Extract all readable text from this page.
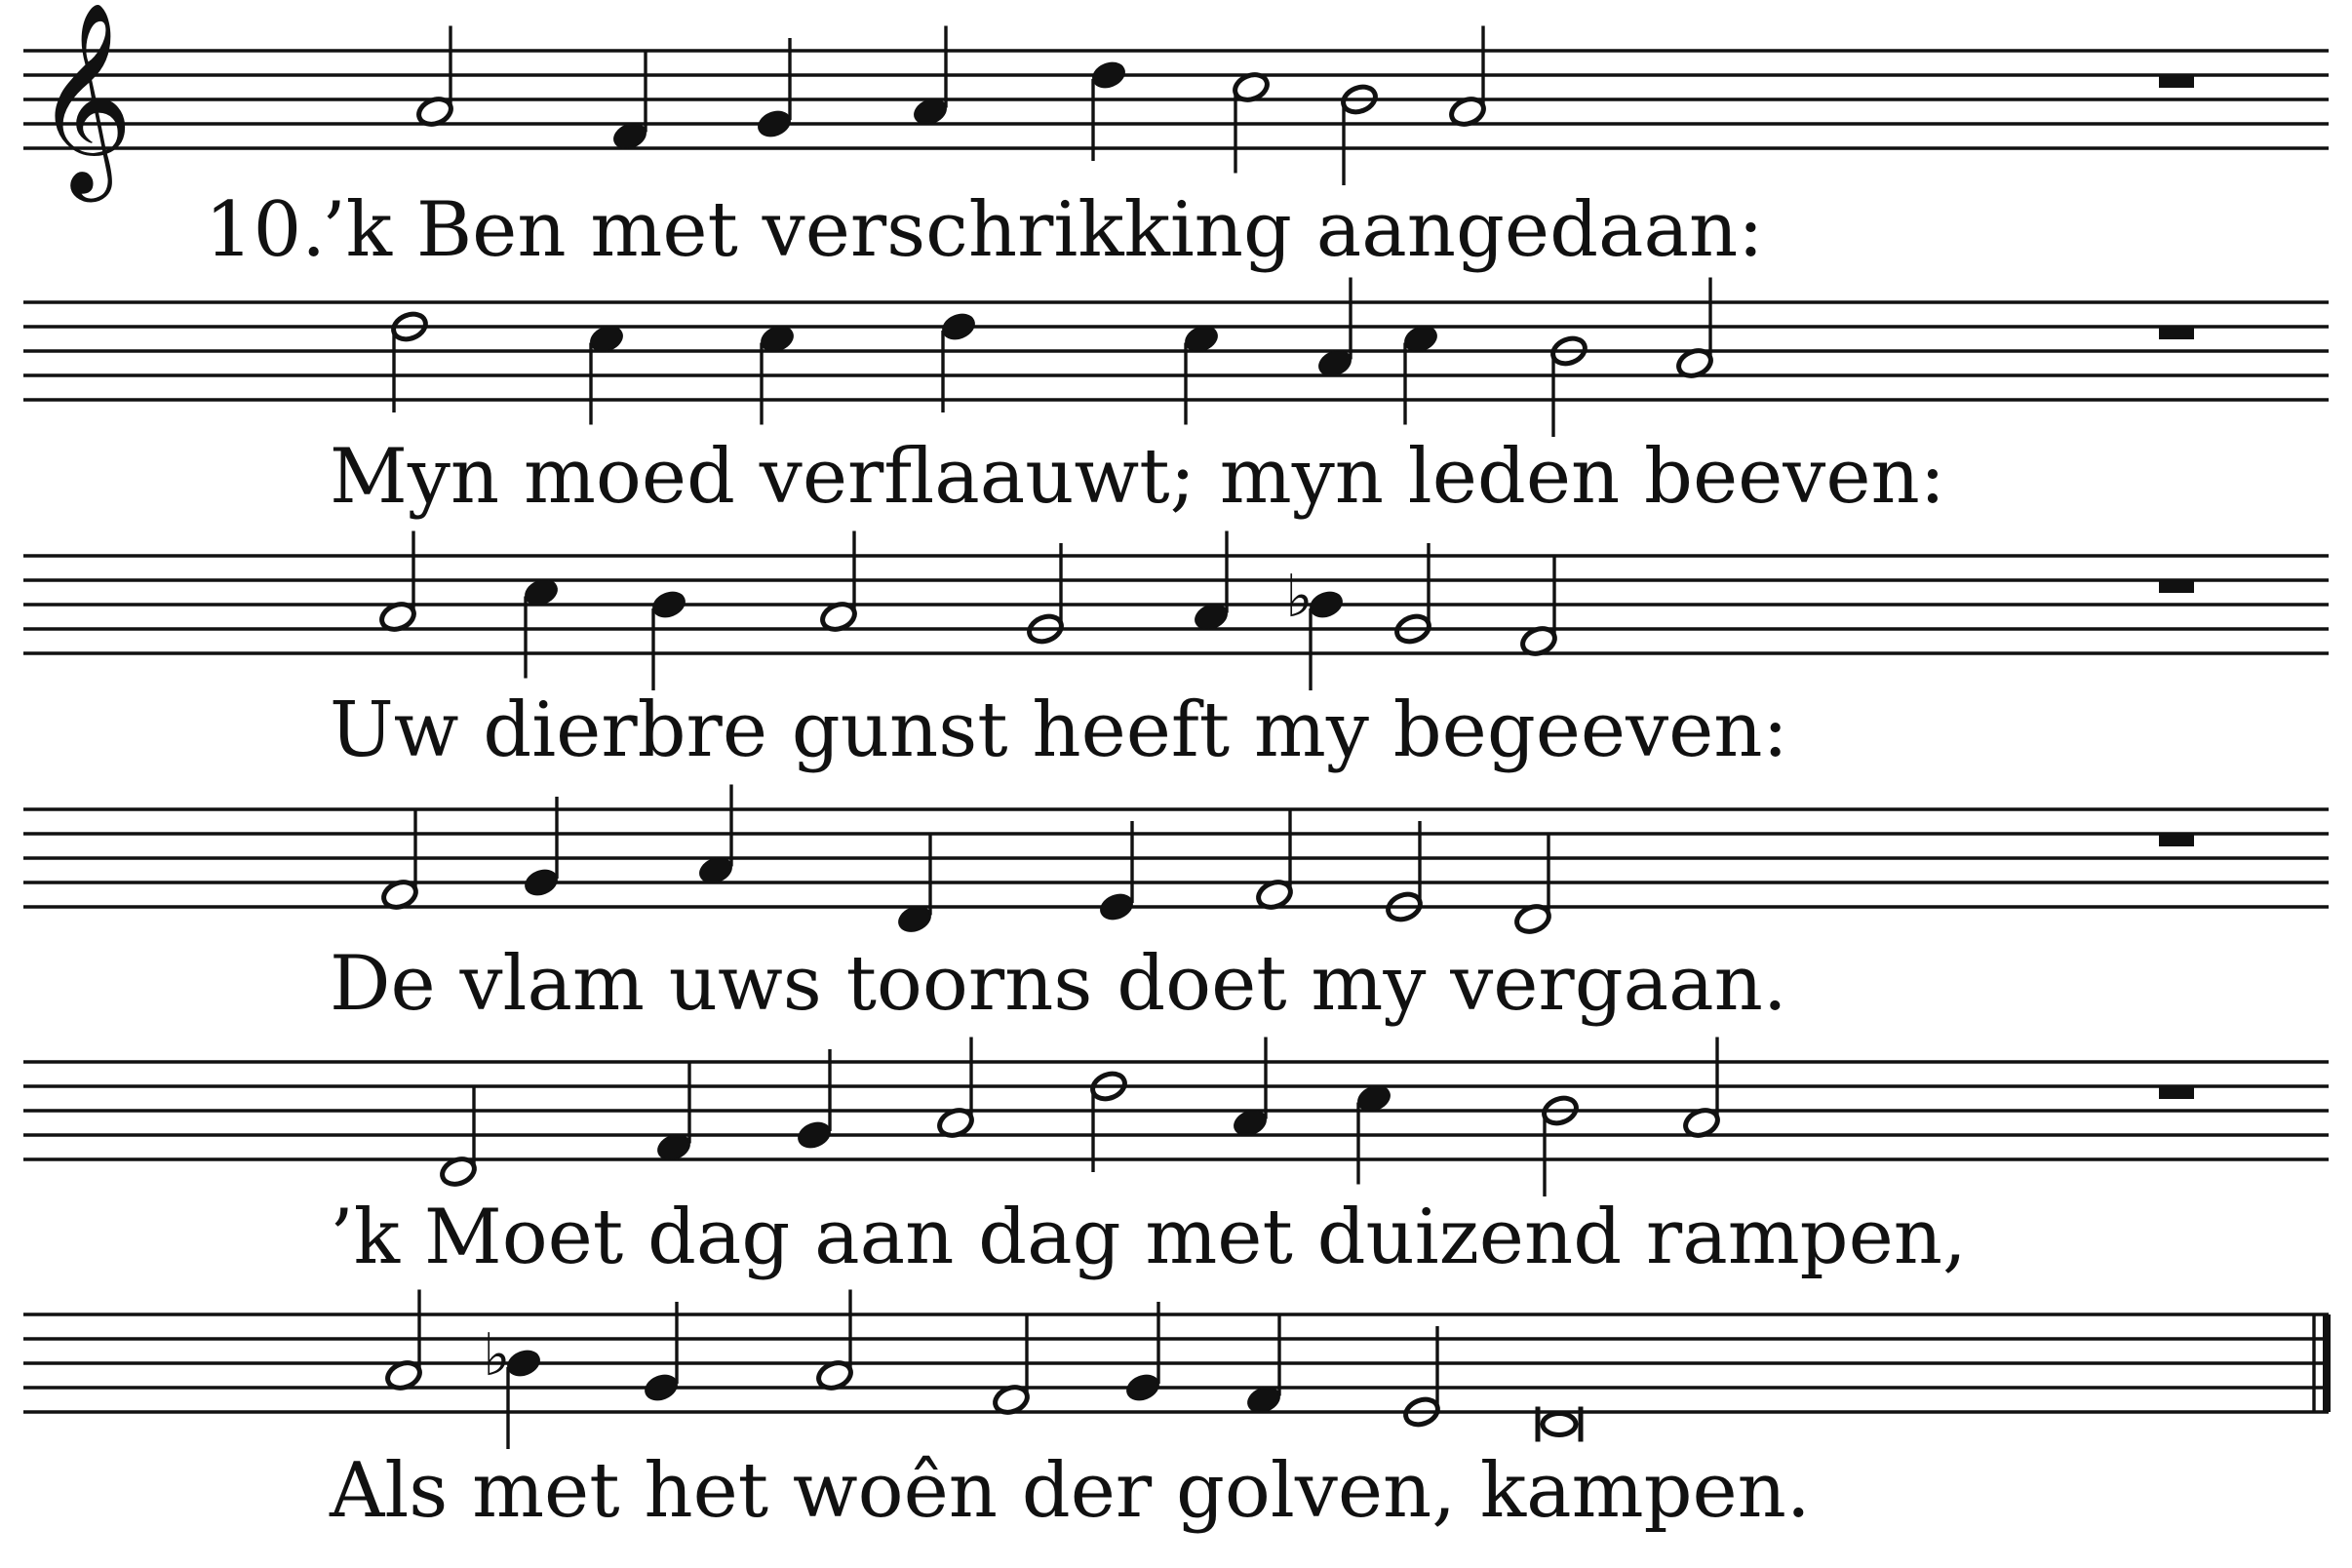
𝄞
’k Ben met verschrikking aangedaan:
Myn moed verflaauwt; myn leden beeven:
♭
Uw dierbre gunst heeft my begeeven:
De vlam uws toorns doet my vergaan.
’k Moet dag aan dag met duizend rampen,
♭
Als met het woên der golven, kampen.
10.
